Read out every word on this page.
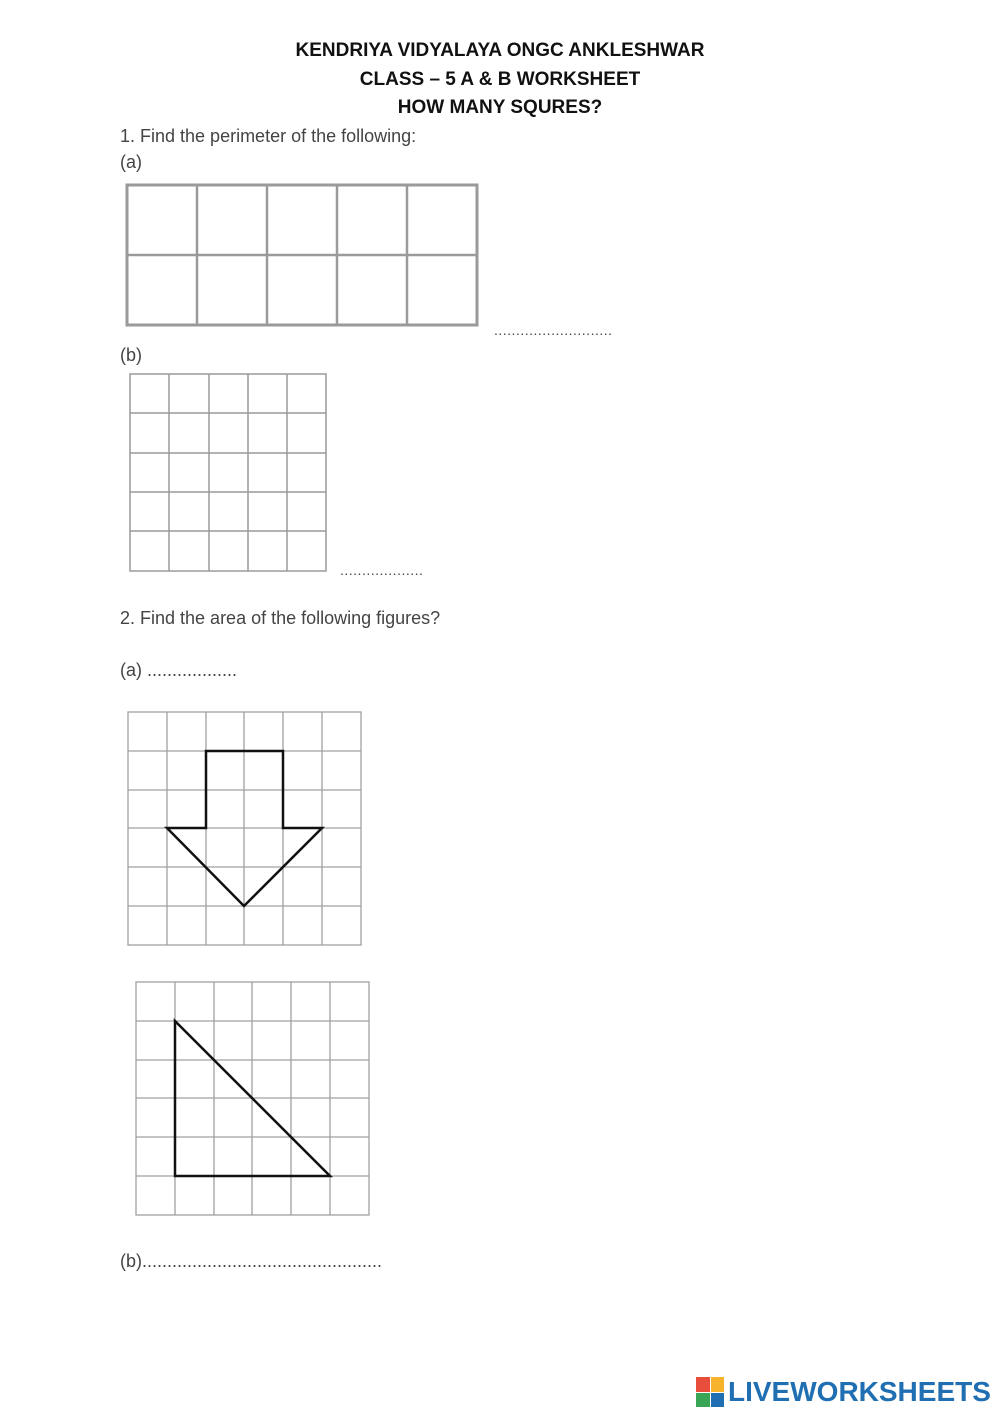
KENDRIYA VIDYALAYA ONGC ANKLESHWAR
CLASS – 5 A & B WORKSHEET
HOW MANY SQURES?
1. Find the perimeter of the following:
(a)
...........................
(b)
...................
2. Find the area of the following figures?
(a) ..................
(b)................................................
LIVEWORKSHEETS
